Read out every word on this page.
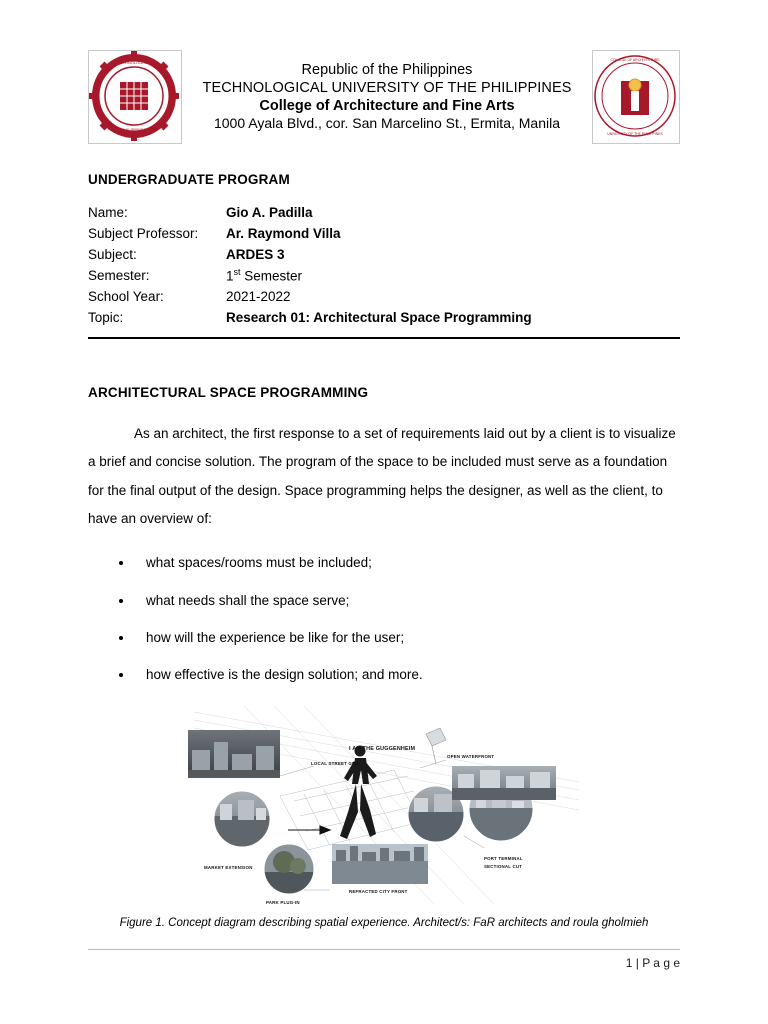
TECHNOLOGICAL
PHILIPPINES
Republic of the Philippines
TECHNOLOGICAL UNIVERSITY OF THE PHILIPPINES
College of Architecture and Fine Arts
1000 Ayala Blvd., cor. San Marcelino St., Ermita, Manila
COLLEGE OF ARCHITECTURE
UNIVERSITY OF THE PHILIPPINES
UNDERGRADUATE PROGRAM
Name:	Gio A. Padilla
Subject Professor:	Ar. Raymond Villa
Subject:	ARDES 3
Semester:	1st Semester
School Year:	2021-2022
Topic:	Research 01: Architectural Space Programming
ARCHITECTURAL SPACE PROGRAMMING
As an architect, the first response to a set of requirements laid out by a client is to visualize a brief and concise solution. The program of the space to be included must serve as a foundation for the final output of the design. Space programming helps the designer, as well as the client, to have an overview of:
• what spaces/rooms must be included;
• what needs shall the space serve;
• how will the experience be like for the user;
• how effective is the design solution; and more.
I AM THE GUGGENHEIM
LOCAL STREET GRID
OPEN WATERFRONT
MARKET EXTENSION
PARK PLUG-IN
REFRACTED CITY FRONT
PORT TERMINAL
SECTIONAL CUT
Figure 1. Concept diagram describing spatial experience. Architect/s: FaR architects and roula gholmieh
1 | P a g e
